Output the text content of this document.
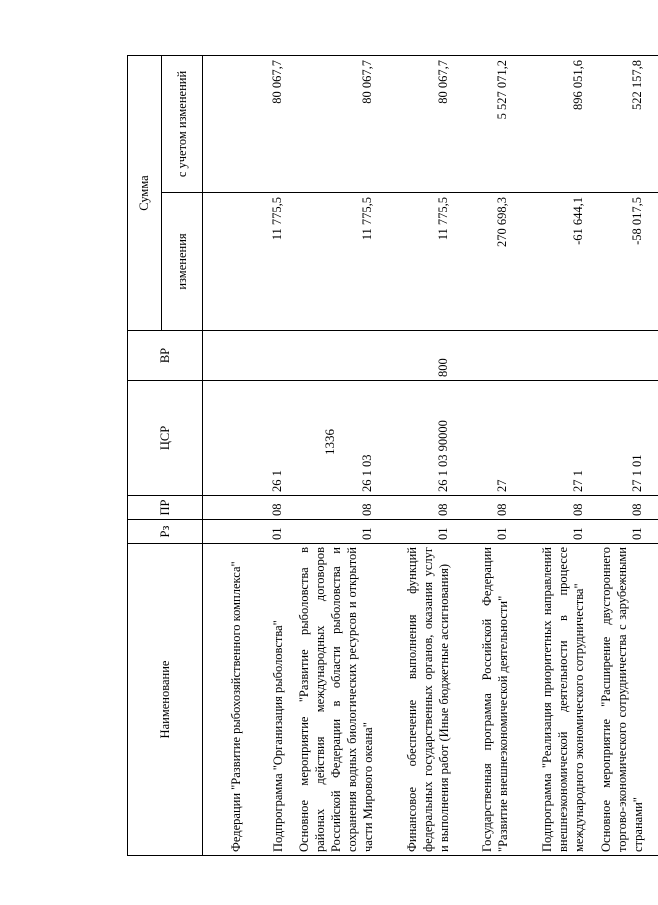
1336
Наименование	Рз	ПР	ЦСР	ВР	Сумма	
					изменения	с учетом изменений
Федерации "Развитие рыбохозяйственного комплекса"						
Подпрограмма "Организация рыболовства"	01	08	26 1		11 775,5	80 067,7
Основное мероприятие "Развитие рыболовства в районах действия международных договоров Российской Федерации в области рыболовства и сохранения водных биологических ресурсов и открытой части Мирового океана"	01	08	26 1 03		11 775,5	80 067,7
Финансовое обеспечение выполнения функций федеральных государственных органов, оказания услуг и выполнения работ (Иные бюджетные ассигнования)	01	08	26 1 03 90000	800	11 775,5	80 067,7
Государственная программа Российской Федерации "Развитие внешнеэкономической деятельности"	01	08	27		270 698,3	5 527 071,2
Подпрограмма "Реализация приоритетных направлений внешнеэкономической деятельности в процессе международного экономического сотрудничества"	01	08	27 1		-61 644,1	896 051,6
Основное мероприятие "Расширение двустороннего торгово-экономического сотрудничества с зарубежными странами"	01	08	27 1 01		-58 017,5	522 157,8
